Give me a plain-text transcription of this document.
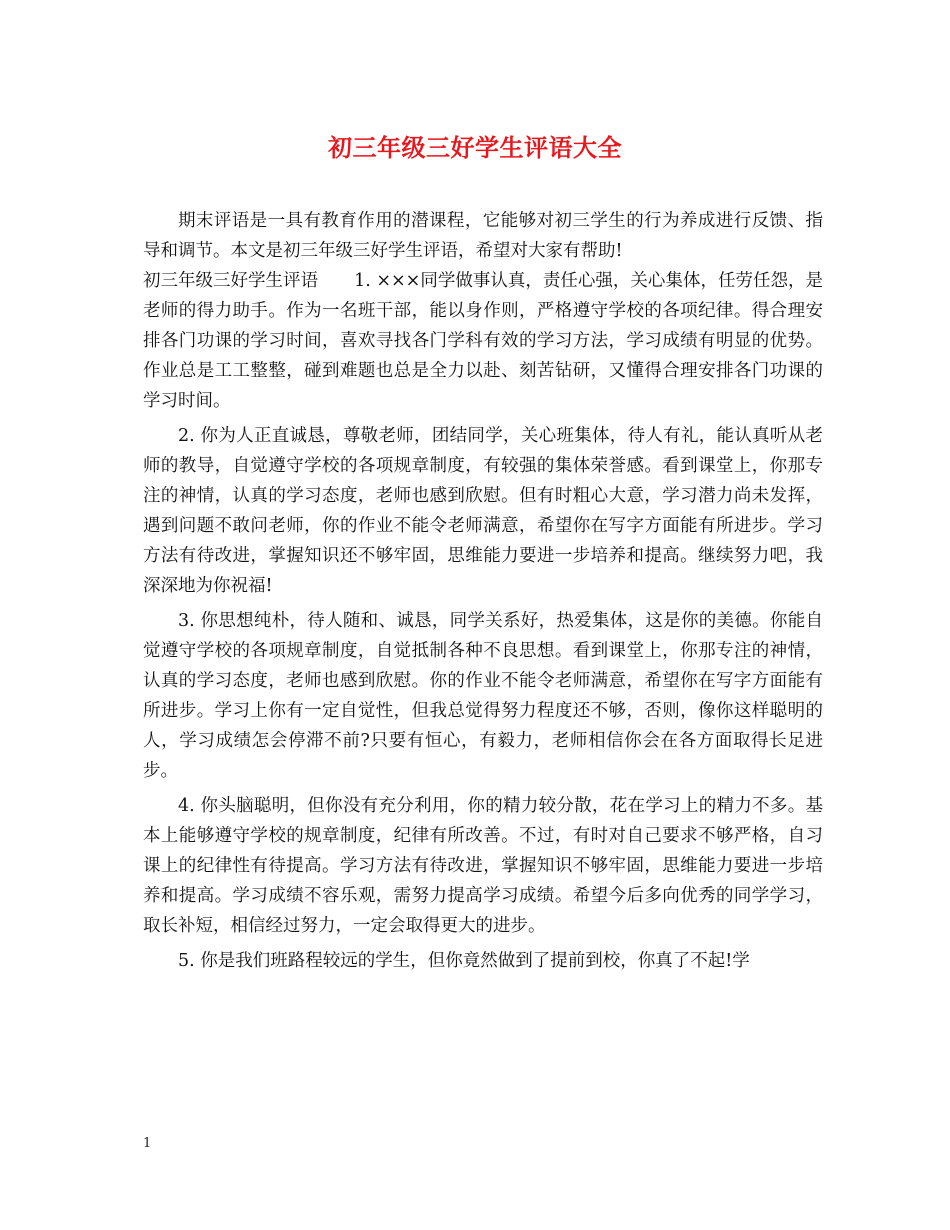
初三年级三好学生评语大全

期末评语是一具有教育作用的潜课程，它能够对初三学生的行为养成进行反馈、指导和调节。本文是初三年级三好学生评语，希望对大家有帮助!

初三年级三好学生评语 1. ×××同学做事认真，责任心强，关心集体，任劳任怨，是老师的得力助手。作为一名班干部，能以身作则，严格遵守学校的各项纪律。得合理安排各门功课的学习时间，喜欢寻找各门学科有效的学习方法，学习成绩有明显的优势。作业总是工工整整，碰到难题也总是全力以赴、刻苦钻研，又懂得合理安排各门功课的学习时间。

2. 你为人正直诚恳，尊敬老师，团结同学，关心班集体，待人有礼，能认真听从老师的教导，自觉遵守学校的各项规章制度，有较强的集体荣誉感。看到课堂上，你那专注的神情，认真的学习态度，老师也感到欣慰。但有时粗心大意，学习潜力尚未发挥，遇到问题不敢问老师，你的作业不能令老师满意，希望你在写字方面能有所进步。学习方法有待改进，掌握知识还不够牢固，思维能力要进一步培养和提高。继续努力吧，我深深地为你祝福!

3. 你思想纯朴，待人随和、诚恳，同学关系好，热爱集体，这是你的美德。你能自觉遵守学校的各项规章制度，自觉抵制各种不良思想。看到课堂上，你那专注的神情，认真的学习态度，老师也感到欣慰。你的作业不能令老师满意，希望你在写字方面能有所进步。学习上你有一定自觉性，但我总觉得努力程度还不够，否则，像你这样聪明的人，学习成绩怎会停滞不前?只要有恒心，有毅力，老师相信你会在各方面取得长足进步。

4. 你头脑聪明，但你没有充分利用，你的精力较分散，花在学习上的精力不多。基本上能够遵守学校的规章制度，纪律有所改善。不过，有时对自己要求不够严格，自习课上的纪律性有待提高。学习方法有待改进，掌握知识不够牢固，思维能力要进一步培养和提高。学习成绩不容乐观，需努力提高学习成绩。希望今后多向优秀的同学学习，取长补短，相信经过努力，一定会取得更大的进步。

5. 你是我们班路程较远的学生，但你竟然做到了提前到校，你真了不起!学

1
